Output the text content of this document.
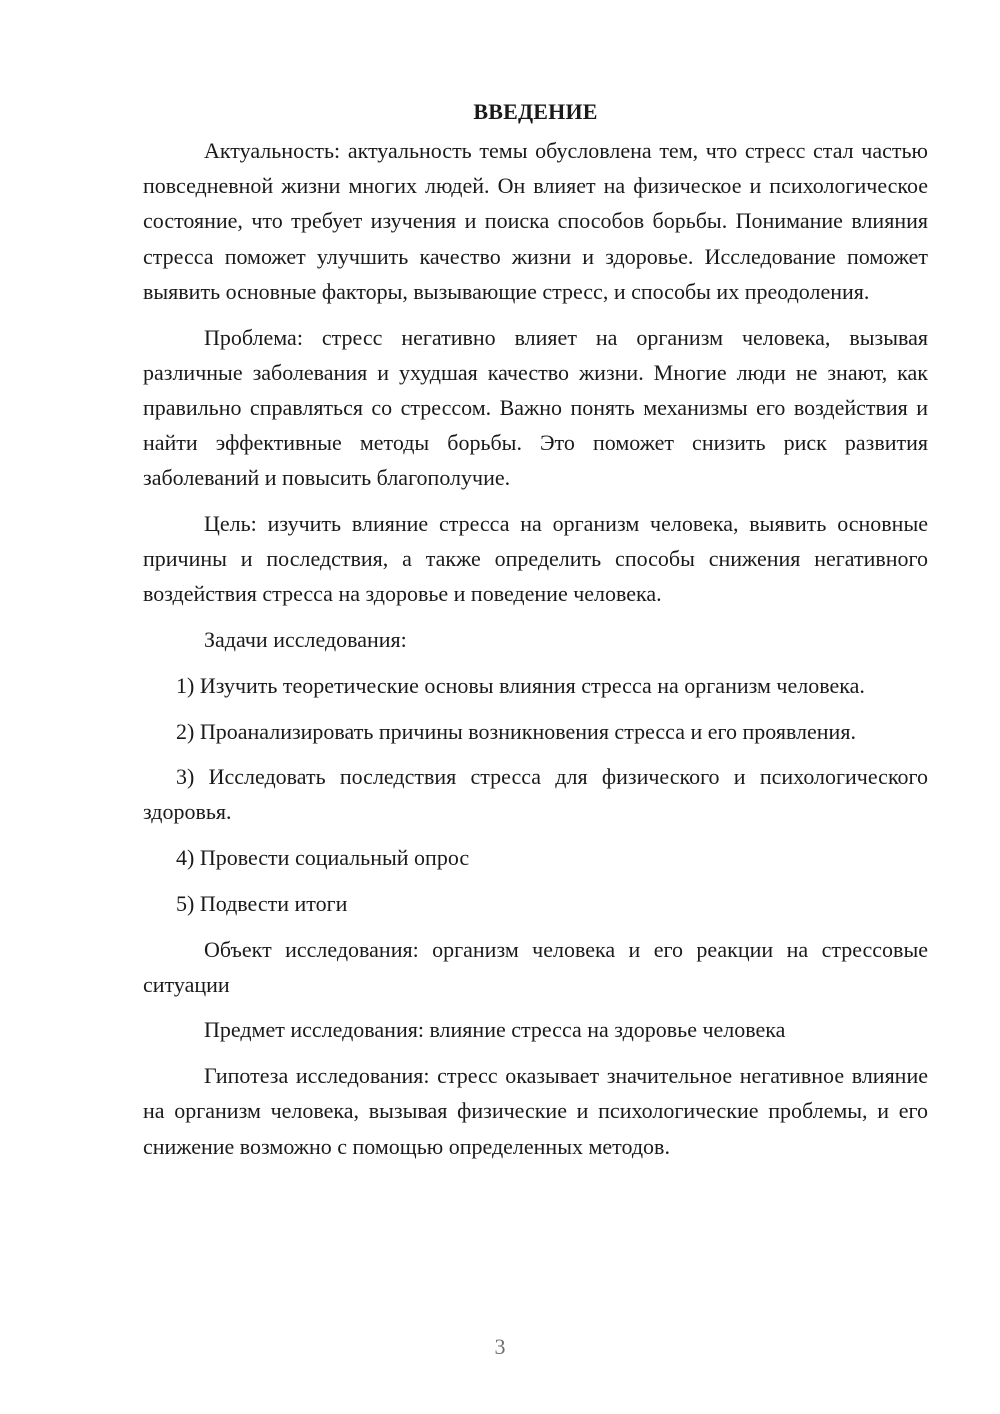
ВВЕДЕНИЕ

Актуальность: актуальность темы обусловлена тем, что стресс стал частью повседневной жизни многих людей. Он влияет на физическое и психологическое состояние, что требует изучения и поиска способов борьбы. Понимание влияния стресса поможет улучшить качество жизни и здоровье. Исследование поможет выявить основные факторы, вызывающие стресс, и способы их преодоления.

Проблема: стресс негативно влияет на организм человека, вызывая различные заболевания и ухудшая качество жизни. Многие люди не знают, как правильно справляться со стрессом. Важно понять механизмы его воздействия и найти эффективные методы борьбы. Это поможет снизить риск развития заболеваний и повысить благополучие.

Цель: изучить влияние стресса на организм человека, выявить основные причины и последствия, а также определить способы снижения негативного воздействия стресса на здоровье и поведение человека.

Задачи исследования:

1) Изучить теоретические основы влияния стресса на организм человека.

2) Проанализировать причины возникновения стресса и его проявления.

3) Исследовать последствия стресса для физического и психологического здоровья.

4) Провести социальный опрос

5) Подвести итоги

Объект исследования: организм человека и его реакции на стрессовые ситуации

Предмет исследования: влияние стресса на здоровье человека

Гипотеза исследования: стресс оказывает значительное негативное влияние на организм человека, вызывая физические и психологические проблемы, и его снижение возможно с помощью определенных методов.

3
